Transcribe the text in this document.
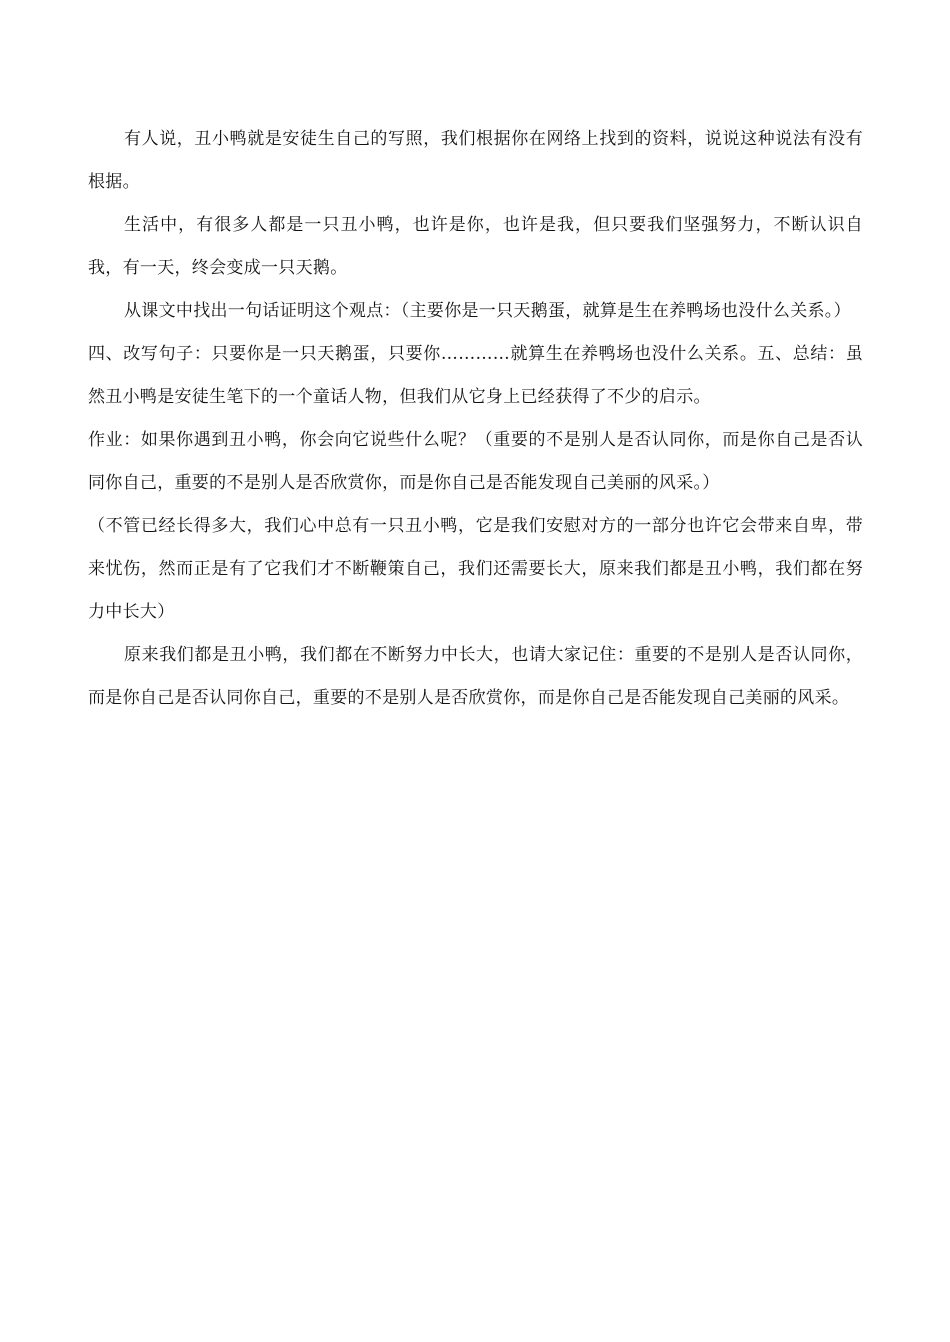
有人说，丑小鸭就是安徒生自己的写照，我们根据你在网络上找到的资料，说说这种说法有没有根据。

生活中，有很多人都是一只丑小鸭，也许是你，也许是我，但只要我们坚强努力，不断认识自我，有一天，终会变成一只天鹅。

从课文中找出一句话证明这个观点：（主要你是一只天鹅蛋，就算是生在养鸭场也没什么关系。）

四、改写句子：只要你是一只天鹅蛋，只要你…………就算生在养鸭场也没什么关系。五、总结：虽然丑小鸭是安徒生笔下的一个童话人物，但我们从它身上已经获得了不少的启示。

作业：如果你遇到丑小鸭，你会向它说些什么呢？（重要的不是别人是否认同你，而是你自己是否认同你自己，重要的不是别人是否欣赏你，而是你自己是否能发现自己美丽的风采。）

（不管已经长得多大，我们心中总有一只丑小鸭，它是我们安慰对方的一部分也许它会带来自卑，带来忧伤，然而正是有了它我们才不断鞭策自己，我们还需要长大，原来我们都是丑小鸭，我们都在努力中长大）

原来我们都是丑小鸭，我们都在不断努力中长大，也请大家记住：重要的不是别人是否认同你，而是你自己是否认同你自己，重要的不是别人是否欣赏你，而是你自己是否能发现自己美丽的风采。
